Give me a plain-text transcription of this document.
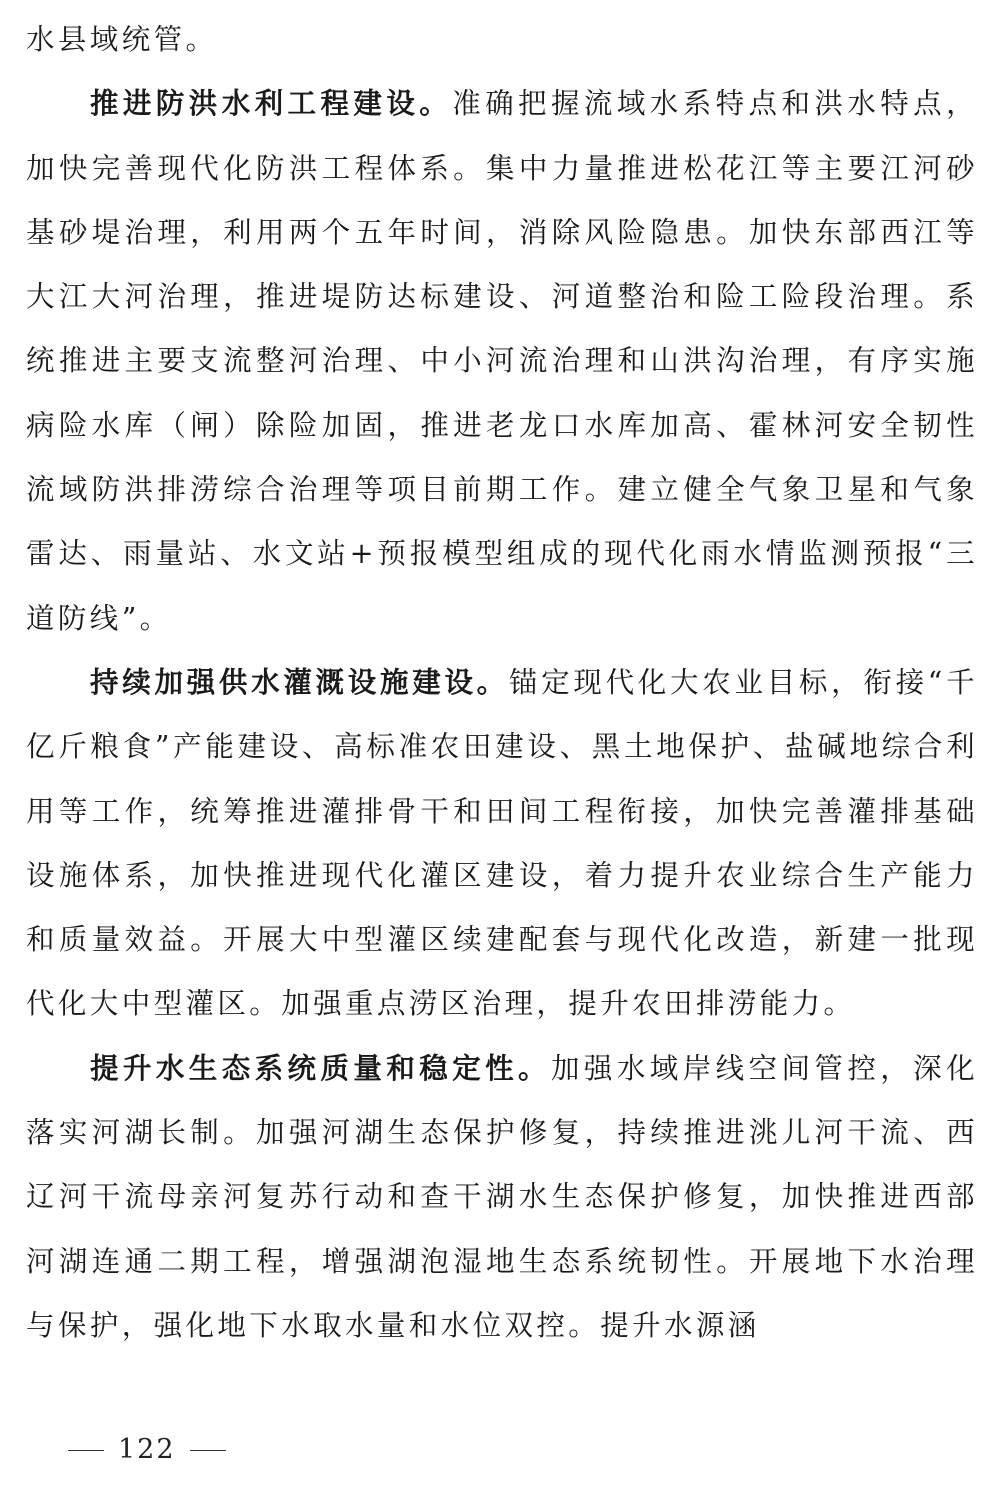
水县域统管。

推进防洪水利工程建设。准确把握流域水系特点和洪水特点，加快完善现代化防洪工程体系。集中力量推进松花江等主要江河砂基砂堤治理，利用两个五年时间，消除风险隐患。加快东部西江等大江大河治理，推进堤防达标建设、河道整治和险工险段治理。系统推进主要支流整河治理、中小河流治理和山洪沟治理，有序实施病险水库（闸）除险加固，推进老龙口水库加高、霍林河安全韧性流域防洪排涝综合治理等项目前期工作。建立健全气象卫星和气象雷达、雨量站、水文站+预报模型组成的现代化雨水情监测预报“三道防线”。

持续加强供水灌溉设施建设。锚定现代化大农业目标，衔接“千亿斤粮食”产能建设、高标准农田建设、黑土地保护、盐碱地综合利用等工作，统筹推进灌排骨干和田间工程衔接，加快完善灌排基础设施体系，加快推进现代化灌区建设，着力提升农业综合生产能力和质量效益。开展大中型灌区续建配套与现代化改造，新建一批现代化大中型灌区。加强重点涝区治理，提升农田排涝能力。

提升水生态系统质量和稳定性。加强水域岸线空间管控，深化落实河湖长制。加强河湖生态保护修复，持续推进洮儿河干流、西辽河干流母亲河复苏行动和查干湖水生态保护修复，加快推进西部河湖连通二期工程，增强湖泡湿地生态系统韧性。开展地下水治理与保护，强化地下水取水量和水位双控。提升水源涵

122
